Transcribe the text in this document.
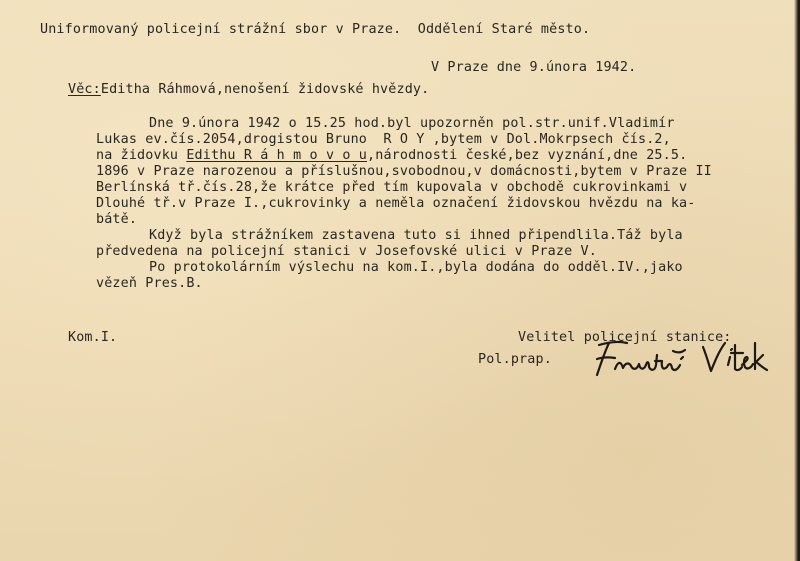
Uniformovaný policejní strážní sbor v Praze.  Oddělení Staré město.
V Praze dne 9.února 1942.
Věc:Editha Ráhmová,nenošení židovské hvězdy.
Dne 9.února 1942 o 15.25 hod.byl upozorněn pol.str.unif.Vladimír
Lukas ev.čís.2054,drogistou Bruno  R O Y ,bytem v Dol.Mokrpsech čís.2,
na židovku Edithu R á h m o v o u,národnosti české,bez vyznání,dne 25.5.
1896 v Praze narozenou a příslušnou,svobodnou,v domácnosti,bytem v Praze II
Berlínská tř.čís.28,že krátce před tím kupovala v obchodě cukrovinkami v
Dlouhé tř.v Praze I.,cukrovinky a neměla označení židovskou hvězdu na ka-
bátě.
Když byla strážníkem zastavena tuto si ihned připendlila.Táž byla
předvedena na policejní stanici v Josefovské ulici v Praze V.
Po protokolárním výslechu na kom.I.,byla dodána do odděl.IV.,jako
vězeň Pres.B.
Kom.I.	Velitel policejní stanice:
Pol.prap.
